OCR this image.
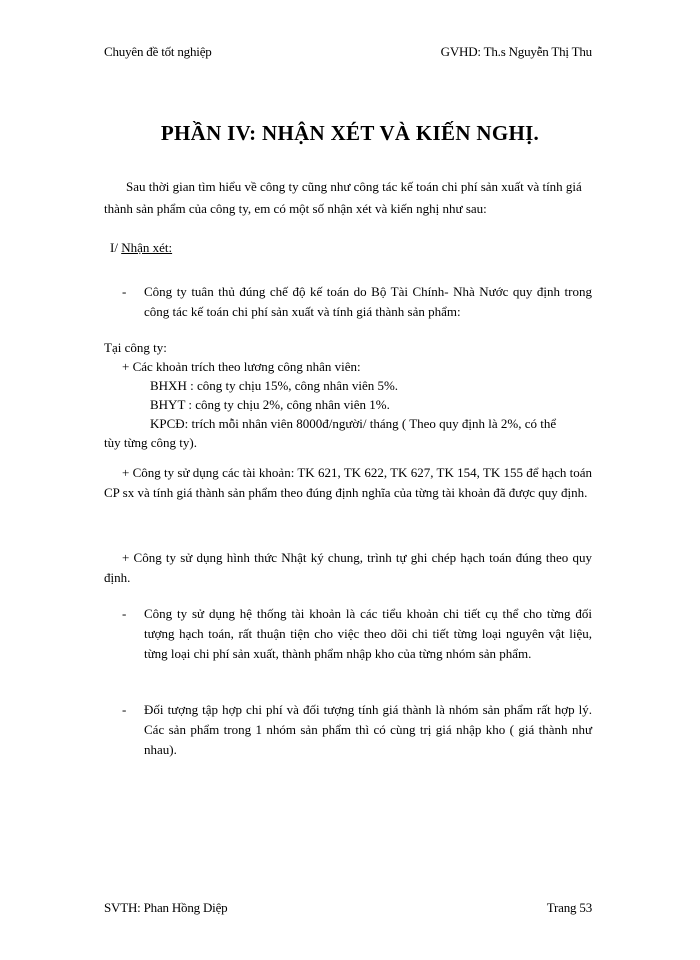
Chuyên đề tốt nghiệp	GVHD: Th.s Nguyễn Thị Thu
PHẦN IV: NHẬN XÉT VÀ KIẾN NGHỊ.
Sau thời gian tìm hiểu về công ty cũng như công tác kế toán chi phí sản xuất và tính giá thành sản phẩm của công ty, em có một số nhận xét và kiến nghị như sau:
I/ Nhận xét:
-	Công ty tuân thủ đúng chế độ kế toán do Bộ Tài Chính- Nhà Nước quy định trong công tác kế toán chi phí sản xuất và tính giá thành sản phẩm:
Tại công ty:
+ Các khoản trích theo lương công nhân viên:
BHXH : công ty chịu 15%, công nhân viên 5%.
BHYT : công ty chịu 2%, công nhân viên 1%.
KPCĐ: trích mỗi nhân viên 8000đ/người/ tháng ( Theo quy định là 2%, có thể
tùy từng công ty).
+ Công ty sử dụng các tài khoản: TK 621, TK 622, TK 627, TK 154, TK 155 để hạch toán CP sx và tính giá thành sản phẩm theo đúng định nghĩa của từng tài khoản đã được quy định.
+ Công ty sử dụng hình thức Nhật ký chung, trình tự ghi chép hạch toán đúng theo quy định.
-	Công ty sử dụng hệ thống tài khoản là các tiểu khoản chi tiết cụ thể cho từng đối tượng hạch toán, rất thuận tiện cho việc theo dõi chi tiết từng loại nguyên vật liệu, từng loại chi phí sản xuất, thành phẩm nhập kho của từng nhóm sản phẩm.
-	Đối tượng tập hợp chi phí và đối tượng tính giá thành là nhóm sản phẩm rất hợp lý. Các sản phẩm trong 1 nhóm sản phẩm thì có cùng trị giá nhập kho ( giá thành như nhau).
SVTH: Phan Hồng Diệp	Trang 53
